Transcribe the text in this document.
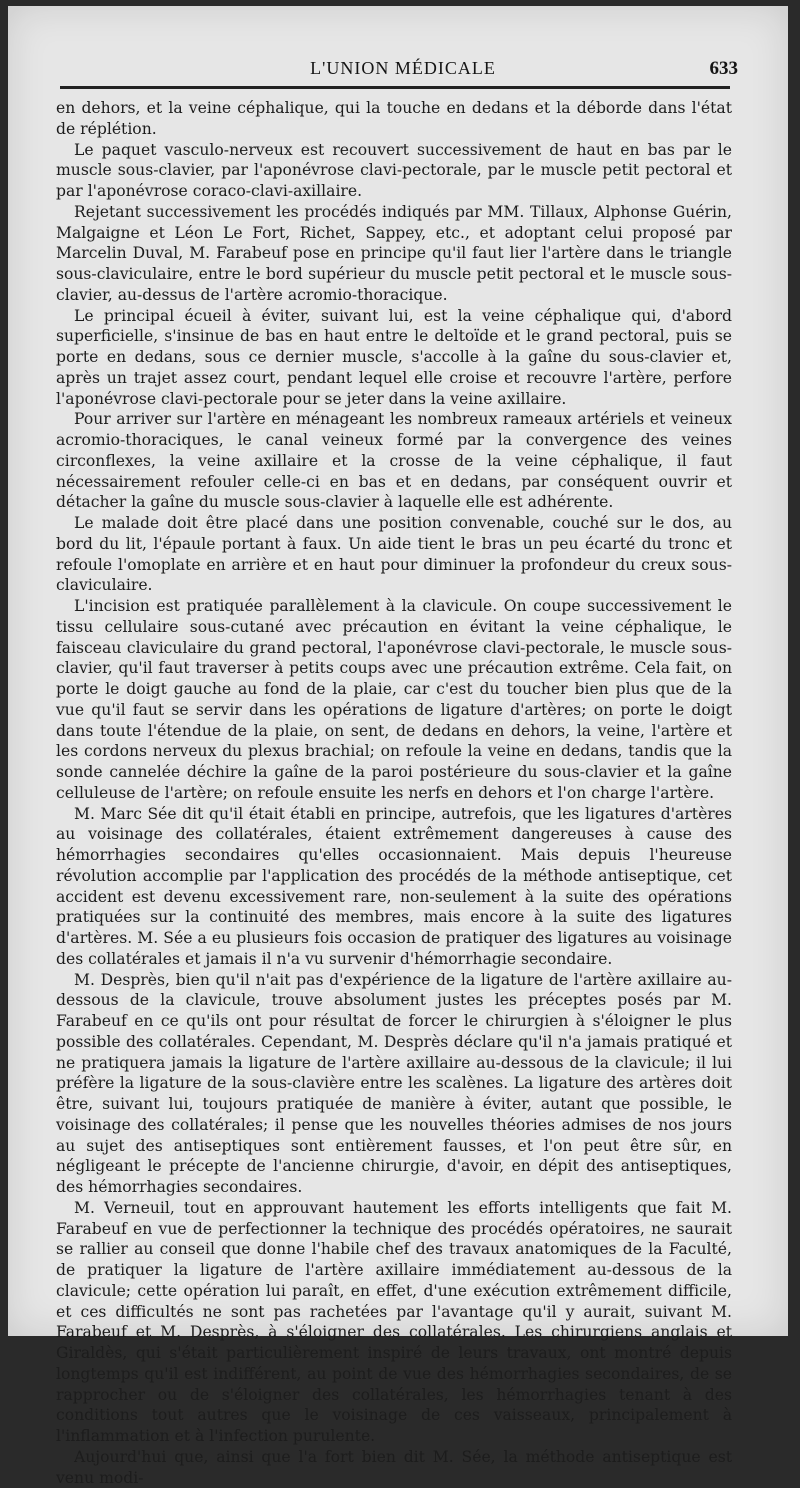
L'UNION MÉDICALE	633

en dehors, et la veine céphalique, qui la touche en dedans et la déborde dans l'état de réplétion.

Le paquet vasculo-nerveux est recouvert successivement de haut en bas par le muscle sous-clavier, par l'aponévrose clavi-pectorale, par le muscle petit pectoral et par l'aponévrose coraco-clavi-axillaire.

Rejetant successivement les procédés indiqués par MM. Tillaux, Alphonse Guérin, Malgaigne et Léon Le Fort, Richet, Sappey, etc., et adoptant celui proposé par Marcelin Duval, M. Farabeuf pose en principe qu'il faut lier l'artère dans le triangle sous-claviculaire, entre le bord supérieur du muscle petit pectoral et le muscle sous-clavier, au-dessus de l'artère acromio-thoracique.

Le principal écueil à éviter, suivant lui, est la veine céphalique qui, d'abord superficielle, s'insinue de bas en haut entre le deltoïde et le grand pectoral, puis se porte en dedans, sous ce dernier muscle, s'accolle à la gaîne du sous-clavier et, après un trajet assez court, pendant lequel elle croise et recouvre l'artère, perfore l'aponévrose clavi-pectorale pour se jeter dans la veine axillaire.

Pour arriver sur l'artère en ménageant les nombreux rameaux artériels et veineux acromio-thoraciques, le canal veineux formé par la convergence des veines circonflexes, la veine axillaire et la crosse de la veine céphalique, il faut nécessairement refouler celle-ci en bas et en dedans, par conséquent ouvrir et détacher la gaîne du muscle sous-clavier à laquelle elle est adhérente.

Le malade doit être placé dans une position convenable, couché sur le dos, au bord du lit, l'épaule portant à faux. Un aide tient le bras un peu écarté du tronc et refoule l'omoplate en arrière et en haut pour diminuer la profondeur du creux sous-claviculaire.

L'incision est pratiquée parallèlement à la clavicule. On coupe successivement le tissu cellulaire sous-cutané avec précaution en évitant la veine céphalique, le faisceau claviculaire du grand pectoral, l'aponévrose clavi-pectorale, le muscle sous-clavier, qu'il faut traverser à petits coups avec une précaution extrême. Cela fait, on porte le doigt gauche au fond de la plaie, car c'est du toucher bien plus que de la vue qu'il faut se servir dans les opérations de ligature d'artères; on porte le doigt dans toute l'étendue de la plaie, on sent, de dedans en dehors, la veine, l'artère et les cordons nerveux du plexus brachial; on refoule la veine en dedans, tandis que la sonde cannelée déchire la gaîne de la paroi postérieure du sous-clavier et la gaîne celluleuse de l'artère; on refoule ensuite les nerfs en dehors et l'on charge l'artère.

M. Marc Sée dit qu'il était établi en principe, autrefois, que les ligatures d'artères au voisinage des collatérales, étaient extrêmement dangereuses à cause des hémorrhagies secondaires qu'elles occasionnaient. Mais depuis l'heureuse révolution accomplie par l'application des procédés de la méthode antiseptique, cet accident est devenu excessivement rare, non-seulement à la suite des opérations pratiquées sur la continuité des membres, mais encore à la suite des ligatures d'artères. M. Sée a eu plusieurs fois occasion de pratiquer des ligatures au voisinage des collatérales et jamais il n'a vu survenir d'hémorrhagie secondaire.

M. Desprès, bien qu'il n'ait pas d'expérience de la ligature de l'artère axillaire au-dessous de la clavicule, trouve absolument justes les préceptes posés par M. Farabeuf en ce qu'ils ont pour résultat de forcer le chirurgien à s'éloigner le plus possible des collatérales. Cependant, M. Desprès déclare qu'il n'a jamais pratiqué et ne pratiquera jamais la ligature de l'artère axillaire au-dessous de la clavicule; il lui préfère la ligature de la sous-clavière entre les scalènes. La ligature des artères doit être, suivant lui, toujours pratiquée de manière à éviter, autant que possible, le voisinage des collatérales; il pense que les nouvelles théories admises de nos jours au sujet des antiseptiques sont entièrement fausses, et l'on peut être sûr, en négligeant le précepte de l'ancienne chirurgie, d'avoir, en dépit des antiseptiques, des hémorrhagies secondaires.

M. Verneuil, tout en approuvant hautement les efforts intelligents que fait M. Farabeuf en vue de perfectionner la technique des procédés opératoires, ne saurait se rallier au conseil que donne l'habile chef des travaux anatomiques de la Faculté, de pratiquer la ligature de l'artère axillaire immédiatement au-dessous de la clavicule; cette opération lui paraît, en effet, d'une exécution extrêmement difficile, et ces difficultés ne sont pas rachetées par l'avantage qu'il y aurait, suivant M. Farabeuf et M. Desprès, à s'éloigner des collatérales. Les chirurgiens anglais et Giraldès, qui s'était particulièrement inspiré de leurs travaux, ont montré depuis longtemps qu'il est indifférent, au point de vue des hémorrhagies secondaires, de se rapprocher ou de s'éloigner des collatérales, les hémorrhagies tenant à des conditions tout autres que le voisinage de ces vaisseaux, principalement à l'inflammation et à l'infection purulente.

Aujourd'hui que, ainsi que l'a fort bien dit M. Sée, la méthode antiseptique est venu modi-
